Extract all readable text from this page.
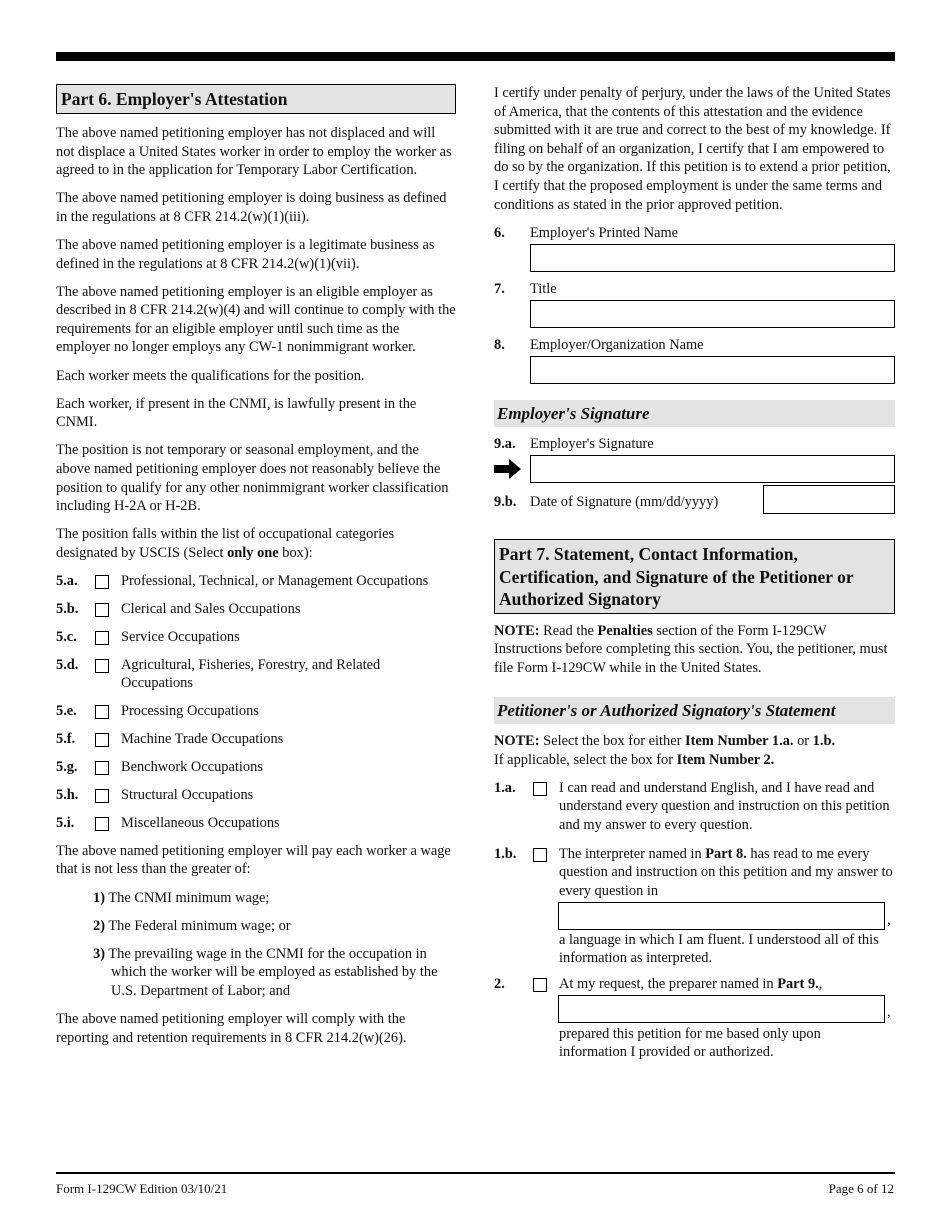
Part 6. Employer's Attestation

The above named petitioning employer has not displaced and will not displace a United States worker in order to employ the worker as agreed to in the application for Temporary Labor Certification.

The above named petitioning employer is doing business as defined in the regulations at 8 CFR 214.2(w)(1)(iii).

The above named petitioning employer is a legitimate business as defined in the regulations at 8 CFR 214.2(w)(1)(vii).

The above named petitioning employer is an eligible employer as described in 8 CFR 214.2(w)(4) and will continue to comply with the requirements for an eligible employer until such time as the employer no longer employs any CW-1 nonimmigrant worker.

Each worker meets the qualifications for the position.

Each worker, if present in the CNMI, is lawfully present in the CNMI.

The position is not temporary or seasonal employment, and the above named petitioning employer does not reasonably believe the position to qualify for any other nonimmigrant worker classification including H-2A or H-2B.

The position falls within the list of occupational categories designated by USCIS (Select only one box):

5.a.	Professional, Technical, or Management Occupations
5.b.	Clerical and Sales Occupations
5.c.	Service Occupations
5.d.	Agricultural, Fisheries, Forestry, and Related Occupations
5.e.	Processing Occupations
5.f.	Machine Trade Occupations
5.g.	Benchwork Occupations
5.h.	Structural Occupations
5.i.	Miscellaneous Occupations

The above named petitioning employer will pay each worker a wage that is not less than the greater of:

1) The CNMI minimum wage;

2) The Federal minimum wage; or

3) The prevailing wage in the CNMI for the occupation in which the worker will be employed as established by the U.S. Department of Labor; and

The above named petitioning employer will comply with the reporting and retention requirements in 8 CFR 214.2(w)(26).

I certify under penalty of perjury, under the laws of the United States of America, that the contents of this attestation and the evidence submitted with it are true and correct to the best of my knowledge. If filing on behalf of an organization, I certify that I am empowered to do so by the organization. If this petition is to extend a prior petition, I certify that the proposed employment is under the same terms and conditions as stated in the prior approved petition.

6. Employer's Printed Name
7. Title
8. Employer/Organization Name
Employer's Signature
9.a. Employer's Signature
9.b. Date of Signature (mm/dd/yyyy)
Part 7. Statement, Contact Information, Certification, and Signature of the Petitioner or Authorized Signatory

NOTE: Read the Penalties section of the Form I-129CW Instructions before completing this section. You, the petitioner, must file Form I-129CW while in the United States.

Petitioner's or Authorized Signatory's Statement

NOTE: Select the box for either Item Number 1.a. or 1.b.
If applicable, select the box for Item Number 2.

1.a.	I can read and understand English, and I have read and understand every question and instruction on this petition and my answer to every question.
1.b.	The interpreter named in Part 8. has read to me every question and instruction on this petition and my answer to every question in
,
a language in which I am fluent. I understood all of this information as interpreted.
2.	At my request, the preparer named in Part 9.,
,
prepared this petition for me based only upon information I provided or authorized.
Form I-129CW Edition 03/10/21	Page 6 of 12
